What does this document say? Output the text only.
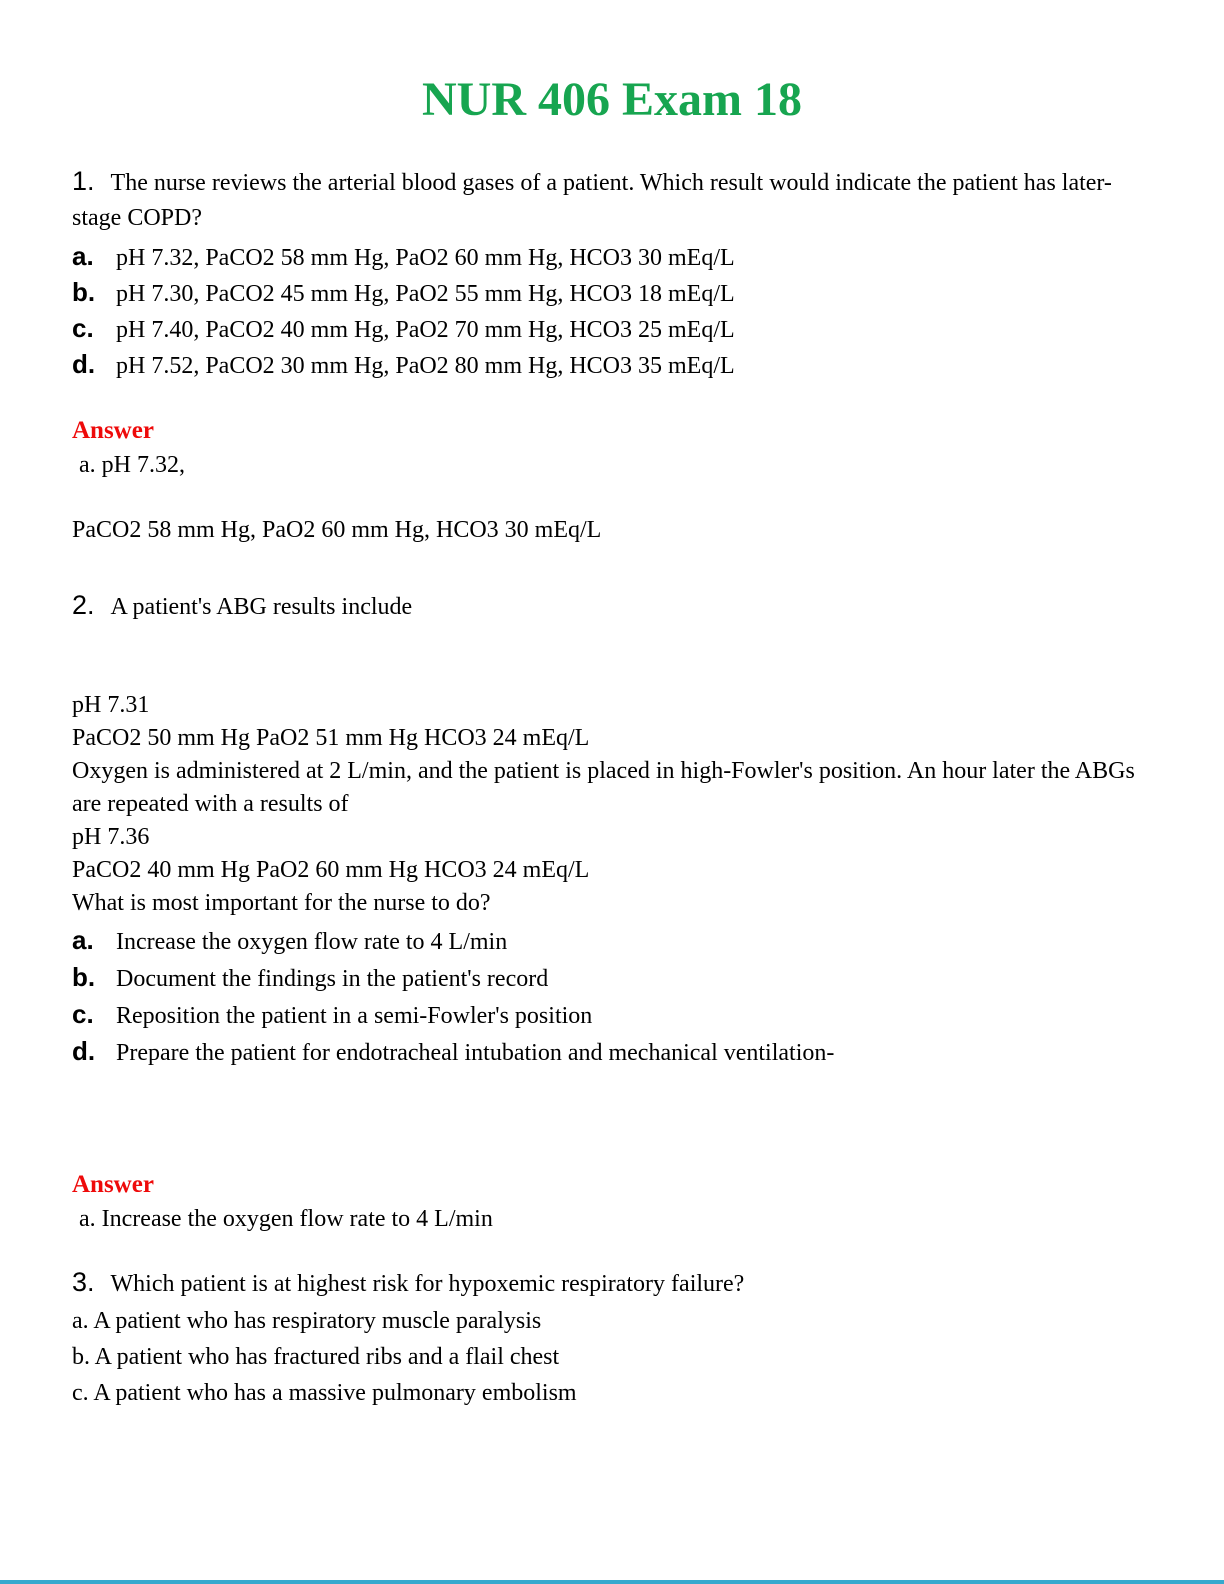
NUR 406 Exam 18

1. The nurse reviews the arterial blood gases of a patient. Which result would indicate the patient has later-stage COPD?

a. pH 7.32, PaCO2 58 mm Hg, PaO2 60 mm Hg, HCO3 30 mEq/L
b. pH 7.30, PaCO2 45 mm Hg, PaO2 55 mm Hg, HCO3 18 mEq/L
c. pH 7.40, PaCO2 40 mm Hg, PaO2 70 mm Hg, HCO3 25 mEq/L
d. pH 7.52, PaCO2 30 mm Hg, PaO2 80 mm Hg, HCO3 35 mEq/L

Answer

a. pH 7.32,

PaCO2 58 mm Hg, PaO2 60 mm Hg, HCO3 30 mEq/L

2. A patient's ABG results include

pH 7.31

PaCO2 50 mm Hg PaO2 51 mm Hg HCO3 24 mEq/L

Oxygen is administered at 2 L/min, and the patient is placed in high-Fowler's position. An hour later the ABGs are repeated with a results of

pH 7.36

PaCO2 40 mm Hg PaO2 60 mm Hg HCO3 24 mEq/L

What is most important for the nurse to do?

a. Increase the oxygen flow rate to 4 L/min
b. Document the findings in the patient's record
c. Reposition the patient in a semi-Fowler's position
d. Prepare the patient for endotracheal intubation and mechanical ventilation-

Answer

a. Increase the oxygen flow rate to 4 L/min

3. Which patient is at highest risk for hypoxemic respiratory failure?

a. A patient who has respiratory muscle paralysis

b. A patient who has fractured ribs and a flail chest

c. A patient who has a massive pulmonary embolism
